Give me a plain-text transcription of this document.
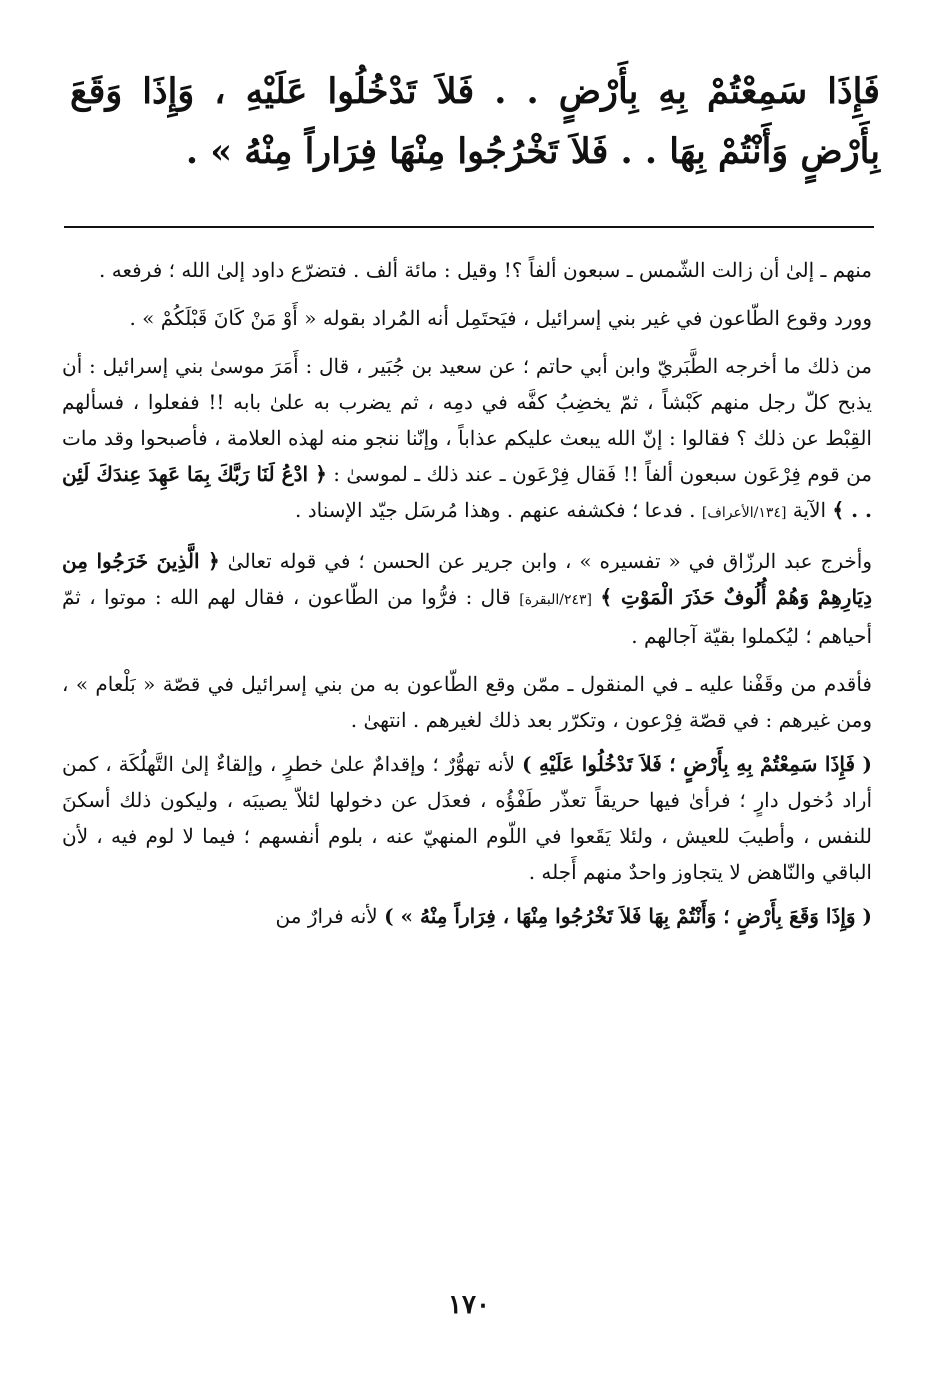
فَإِذَا سَمِعْتُمْ بِهِ بِأَرْضٍ . . فَلاَ تَدْخُلُوا عَلَيْهِ ، وَإِذَا وَقَعَ بِأَرْضٍ وَأَنْتُمْ بِهَا . . فَلاَ تَخْرُجُوا مِنْهَا فِرَاراً مِنْهُ » .

منهم ـ إلىٰ أن زالت الشّمس ـ سبعون ألفاً ؟! وقيل : مائة ألف . فتضرّع داود إلىٰ الله ؛ فرفعه .

وورد وقوع الطّاعون في غير بني إسرائيل ، فيَحتَمِل أنه المُراد بقوله « أَوْ مَنْ كَانَ قَبْلَكُمْ » .

من ذلك ما أخرجه الطَّبَريّ وابن أبي حاتم ؛ عن سعيد بن جُبَير ، قال : أَمَرَ موسىٰ بني إسرائيل : أن يذبح كلّ رجل منهم كَبْشاً ، ثمّ يخضِبُ كفَّه في دمِه ، ثم يضرب به علىٰ بابه !! ففعلوا ، فسألهم القِبْط عن ذلك ؟ فقالوا : إنّ الله يبعث عليكم عذاباً ، وإنّنا ننجو منه لهذه العلامة ، فأصبحوا وقد مات من قوم فِرْعَون سبعون ألفاً !! فَقال فِرْعَون ـ عند ذلك ـ لموسىٰ : ﴿ ادْعُ لَنَا رَبَّكَ بِمَا عَهِدَ عِندَكَ لَئِن . . ﴾ الآية [١٣٤/الأعراف] . فدعا ؛ فكشفه عنهم . وهذا مُرسَل جيّد الإسناد .

وأخرج عبد الرزّاق في « تفسيره » ، وابن جرير عن الحسن ؛ في قوله تعالىٰ ﴿ الَّذِينَ خَرَجُوا مِن دِيَارِهِمْ وَهُمْ أُلُوفٌ حَذَرَ الْمَوْتِ ﴾ [٢٤٣/البقرة] قال : فرُّوا من الطّاعون ، فقال لهم الله : موتوا ، ثمّ أحياهم ؛ ليُكملوا بقيّة آجالهم .

فأقدم من وقَفْنا عليه ـ في المنقول ـ ممّن وقع الطّاعون به من بني إسرائيل في قصّة « بَلْعام » ، ومن غيرهم : في قصّة فِرْعون ، وتكرّر بعد ذلك لغيرهم . انتهىٰ .

( فَإِذَا سَمِعْتُمْ بِهِ بِأَرْضٍ ؛ فَلاَ تَدْخُلُوا عَلَيْهِ ) لأنه تهوُّرٌ ؛ وإقدامٌ علىٰ خطرٍ ، وإلقاءٌ إلىٰ التَّهلُكَة ، كمن أراد دُخول دارٍ ؛ فرأىٰ فيها حريقاً تعذّر طَفْؤُه ، فعدَل عن دخولها لئلاّ يصيبَه ، وليكون ذلك أسكنَ للنفس ، وأطيبَ للعيش ، ولئلا يَقَعوا في اللّوم المنهيّ عنه ، بلوم أنفسهم ؛ فيما لا لوم فيه ، لأن الباقي والنّاهض لا يتجاوز واحدٌ منهم أَجله .

( وَإِذَا وَقَعَ بِأَرْضٍ ؛ وَأَنْتُمْ بِهَا فَلاَ تَخْرُجُوا مِنْهَا ، فِرَاراً مِنْهُ » ) لأنه فرارٌ من

١٧٠
